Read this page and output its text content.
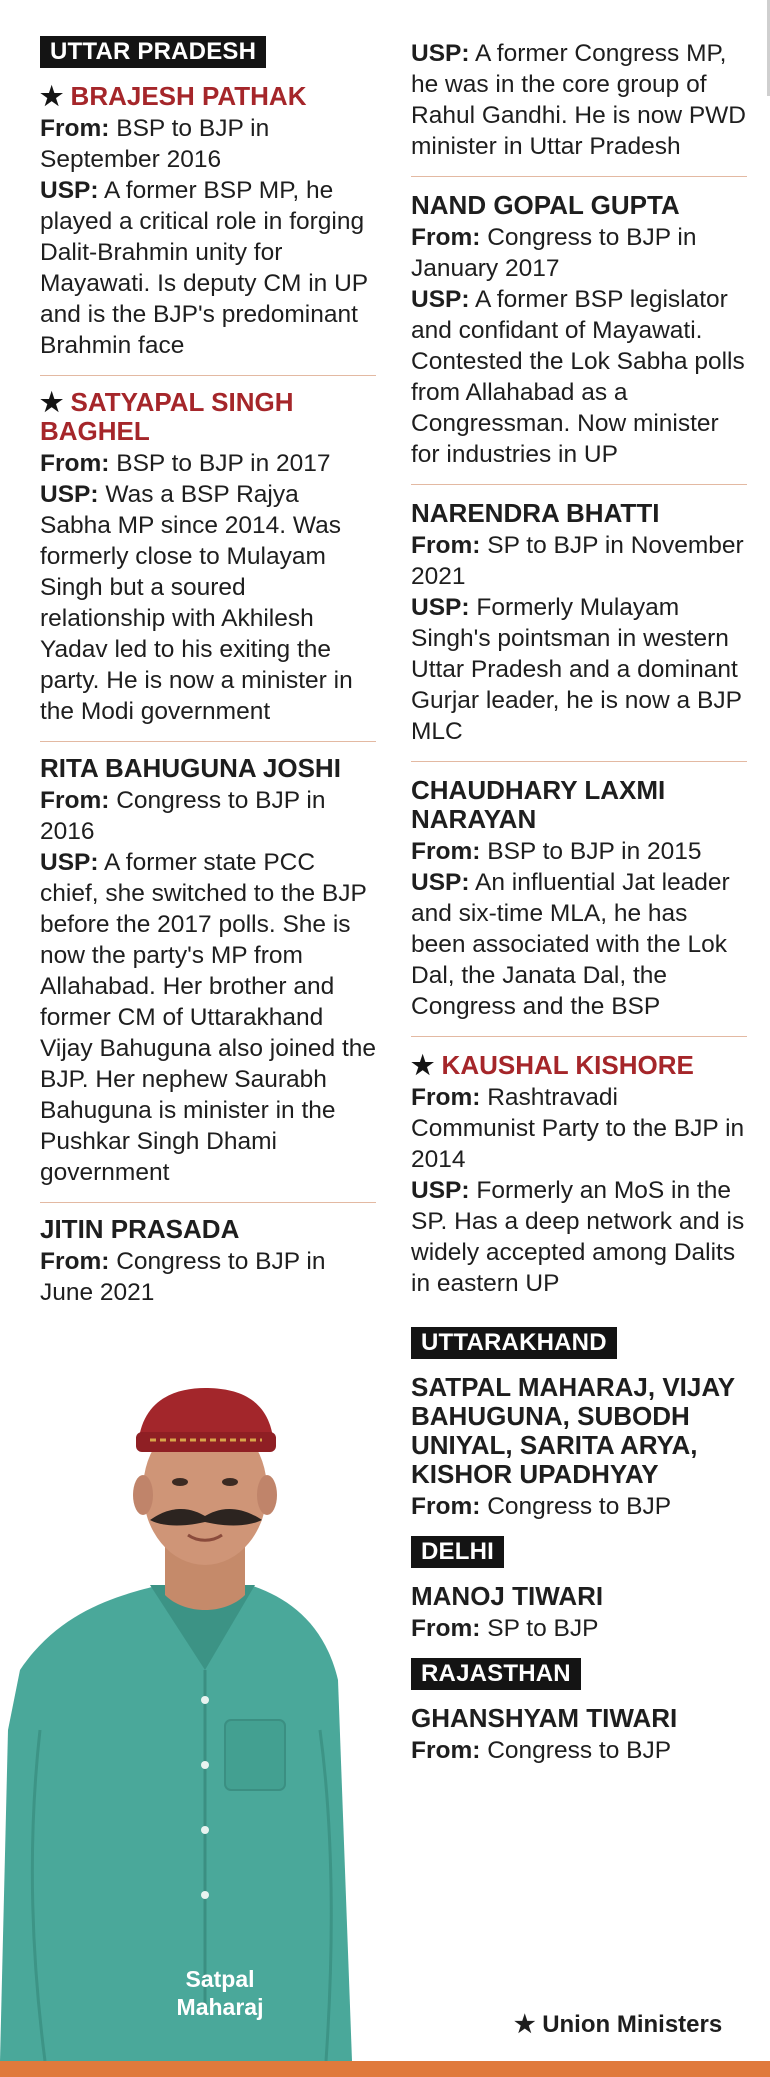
UTTAR PRADESH
★ BRAJESH PATHAK
From: BSP to BJP in September 2016
USP: A former BSP MP, he played a critical role in forging Dalit-Brahmin unity for Mayawati. Is deputy CM in UP and is the BJP's predominant Brahmin face
★ SATYAPAL SINGH BAGHEL
From: BSP to BJP in 2017
USP: Was a BSP Rajya Sabha MP since 2014. Was formerly close to Mulayam Singh but a soured relationship with Akhilesh Yadav led to his exiting the party. He is now a minister in the Modi government
RITA BAHUGUNA JOSHI
From: Congress to BJP in 2016
USP: A former state PCC chief, she switched to the BJP before the 2017 polls. She is now the party's MP from Allahabad. Her brother and former CM of Uttarakhand Vijay Bahuguna also joined the BJP. Her nephew Saurabh Bahuguna is minister in the Pushkar Singh Dhami government
JITIN PRASADA
From: Congress to BJP in June 2021
Satpal
Maharaj
USP: A former Congress MP, he was in the core group of Rahul Gandhi. He is now PWD minister in Uttar Pradesh
NAND GOPAL GUPTA
From: Congress to BJP in January 2017
USP: A former BSP legislator and confidant of Mayawati. Contested the Lok Sabha polls from Allahabad as a Congressman. Now minister for industries in UP
NARENDRA BHATTI
From: SP to BJP in November 2021
USP: Formerly Mulayam Singh's pointsman in western Uttar Pradesh and a dominant Gurjar leader, he is now a BJP MLC
CHAUDHARY LAXMI NARAYAN
From: BSP to BJP in 2015
USP: An influential Jat leader and six-time MLA, he has been associated with the Lok Dal, the Janata Dal, the Congress and the BSP
★ KAUSHAL KISHORE
From: Rashtravadi Communist Party to the BJP in 2014
USP: Formerly an MoS in the SP. Has a deep network and is widely accepted among Dalits in eastern UP
UTTARAKHAND
SATPAL MAHARAJ, VIJAY BAHUGUNA, SUBODH UNIYAL, SARITA ARYA, KISHOR UPADHYAY
From: Congress to BJP
DELHI
MANOJ TIWARI
From: SP to BJP
RAJASTHAN
GHANSHYAM TIWARI
From: Congress to BJP
★ Union Ministers
